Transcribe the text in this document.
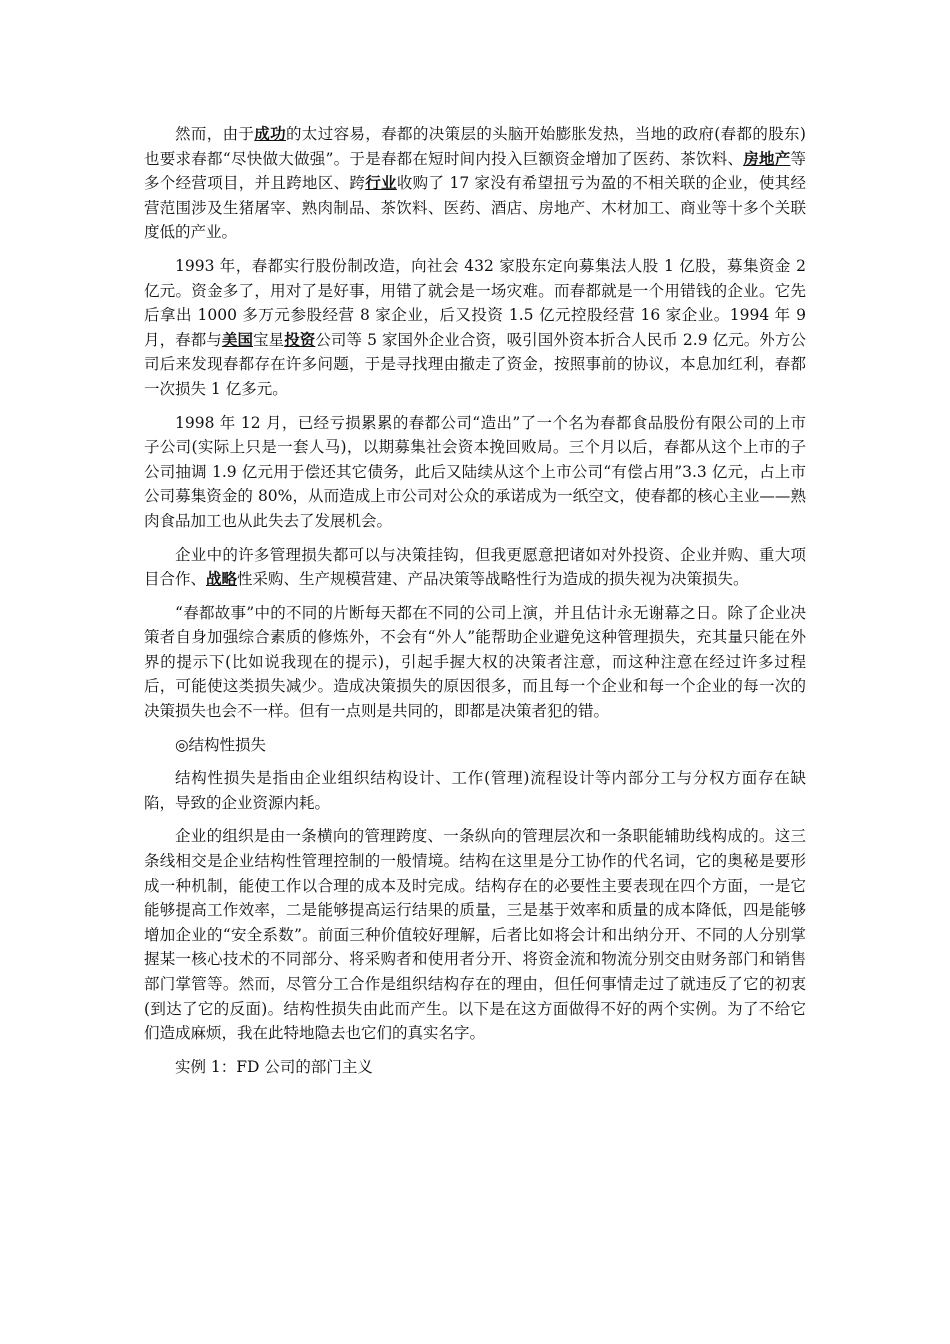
然而，由于成功的太过容易，春都的决策层的头脑开始膨胀发热，当地的政府(春都的股东)也要求春都“尽快做大做强”。于是春都在短时间内投入巨额资金增加了医药、茶饮料、房地产等多个经营项目，并且跨地区、跨行业收购了 17 家没有希望扭亏为盈的不相关联的企业，使其经营范围涉及生猪屠宰、熟肉制品、茶饮料、医药、酒店、房地产、木材加工、商业等十多个关联度低的产业。

1993 年，春都实行股份制改造，向社会 432 家股东定向募集法人股 1 亿股，募集资金 2 亿元。资金多了，用对了是好事，用错了就会是一场灾难。而春都就是一个用错钱的企业。它先后拿出 1000 多万元参股经营 8 家企业，后又投资 1.5 亿元控股经营 16 家企业。1994 年 9 月，春都与美国宝星投资公司等 5 家国外企业合资，吸引国外资本折合人民币 2.9 亿元。外方公司后来发现春都存在许多问题，于是寻找理由撤走了资金，按照事前的协议，本息加红利，春都一次损失 1 亿多元。

1998 年 12 月，已经亏损累累的春都公司“造出”了一个名为春都食品股份有限公司的上市子公司(实际上只是一套人马)，以期募集社会资本挽回败局。三个月以后，春都从这个上市的子公司抽调 1.9 亿元用于偿还其它债务，此后又陆续从这个上市公司“有偿占用”3.3 亿元，占上市公司募集资金的 80%，从而造成上市公司对公众的承诺成为一纸空文，使春都的核心主业——熟肉食品加工也从此失去了发展机会。

企业中的许多管理损失都可以与决策挂钩，但我更愿意把诸如对外投资、企业并购、重大项目合作、战略性采购、生产规模营建、产品决策等战略性行为造成的损失视为决策损失。

“春都故事”中的不同的片断每天都在不同的公司上演，并且估计永无谢幕之日。除了企业决策者自身加强综合素质的修炼外，不会有“外人”能帮助企业避免这种管理损失，充其量只能在外界的提示下(比如说我现在的提示)，引起手握大权的决策者注意，而这种注意在经过许多过程后，可能使这类损失减少。造成决策损失的原因很多，而且每一个企业和每一个企业的每一次的决策损失也会不一样。但有一点则是共同的，即都是决策者犯的错。

◎结构性损失

结构性损失是指由企业组织结构设计、工作(管理)流程设计等内部分工与分权方面存在缺陷，导致的企业资源内耗。

企业的组织是由一条横向的管理跨度、一条纵向的管理层次和一条职能辅助线构成的。这三条线相交是企业结构性管理控制的一般情境。结构在这里是分工协作的代名词，它的奥秘是要形成一种机制，能使工作以合理的成本及时完成。结构存在的必要性主要表现在四个方面，一是它能够提高工作效率，二是能够提高运行结果的质量，三是基于效率和质量的成本降低，四是能够增加企业的“安全系数”。前面三种价值较好理解，后者比如将会计和出纳分开、不同的人分别掌握某一核心技术的不同部分、将采购者和使用者分开、将资金流和物流分别交由财务部门和销售部门掌管等。然而，尽管分工合作是组织结构存在的理由，但任何事情走过了就违反了它的初衷(到达了它的反面)。结构性损失由此而产生。以下是在这方面做得不好的两个实例。为了不给它们造成麻烦，我在此特地隐去也它们的真实名字。

实例 1：FD 公司的部门主义
